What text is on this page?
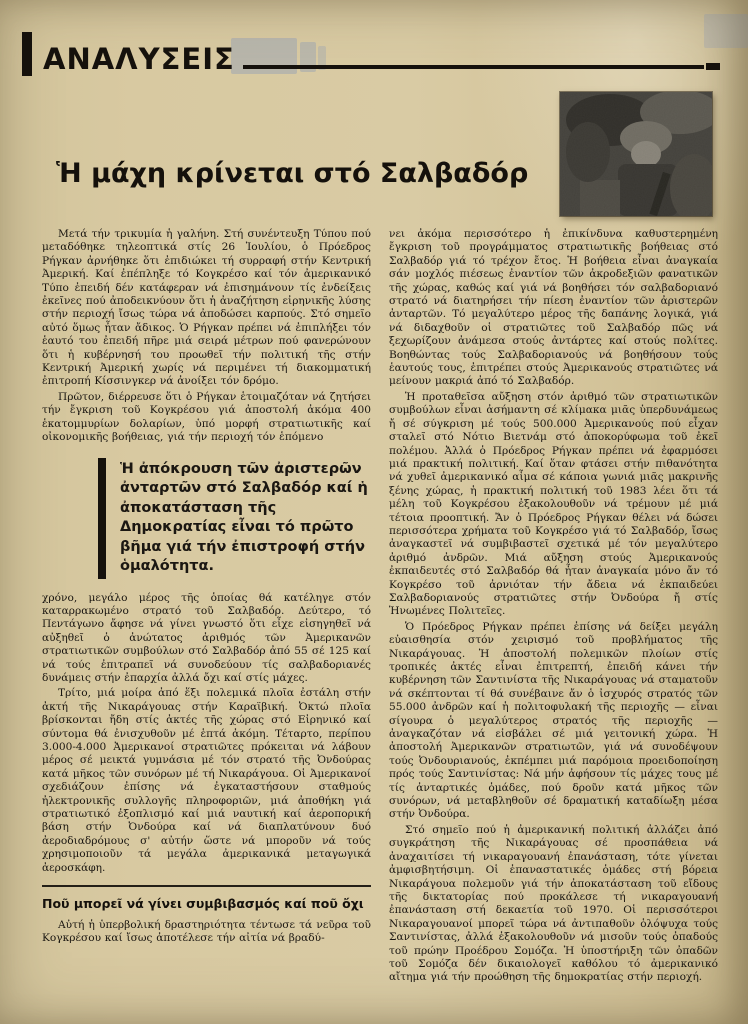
ΑΝΑΛΥΣΕΙΣ
Ἡ μάχη κρίνεται στό Σαλβαδόρ

Μετά τήν τρικυμία ἡ γαλήνη. Στή συνέντευξη Τύπου πού μεταδόθηκε τηλεοπτικά στίς 26 Ἰουλίου, ὁ Πρόεδρος Ρήγκαν ἀρνήθηκε ὅτι ἐπιδιώκει τή συρραφή στήν Κεντρική Ἀμερική. Καί ἐπέπληξε τό Κογκρέσο καί τόν ἀμερικανικό Τύπο ἐπειδή δέν κατάφεραν νά ἐπισημάνουν τίς ἐνδείξεις ἐκεῖνες πού ἀποδεικνύουν ὅτι ἡ ἀναζήτηση εἰρηνικῆς λύσης στήν περιοχή ἴσως τώρα νά ἀποδώσει καρπούς. Στό σημεῖο αὐτό ὅμως ἦταν ἄδικος. Ὁ Ρήγκαν πρέπει νά ἐπιπλήξει τόν ἑαυτό του ἐπειδή πῆρε μιά σειρά μέτρων πού φανερώνουν ὅτι ἡ κυβέρνησή του προωθεῖ τήν πολιτική τῆς στήν Κεντρική Ἀμερική χωρίς νά περιμένει τή διακομματική ἐπιτροπή Κίσσινγκερ νά ἀνοίξει τόν δρόμο.

Πρῶτον, διέρρευσε ὅτι ὁ Ρήγκαν ἑτοιμαζόταν νά ζητήσει τήν ἔγκριση τοῦ Κογκρέσου γιά ἀποστολή ἀκόμα 400 ἑκατομμυρίων δολαρίων, ὑπό μορφή στρατιωτικῆς καί οἰκονομικῆς βοήθειας, γιά τήν περιοχή τόν ἑπόμενο

Ἡ ἀπόκρουση τῶν ἀριστερῶν ἀνταρτῶν στό Σαλβαδόρ καί ἡ ἀποκατάσταση τῆς Δημοκρατίας εἶναι τό πρῶτο βῆμα γιά τήν ἐπιστροφή στήν ὁμαλότητα.

χρόνο, μεγάλο μέρος τῆς ὁποίας θά κατέληγε στόν καταρρακωμένο στρατό τοῦ Σαλβαδόρ. Δεύτερο, τό Πεντάγωνο ἄφησε νά γίνει γνωστό ὅτι εἶχε εἰσηγηθεῖ νά αὐξηθεῖ ὁ ἀνώτατος ἀριθμός τῶν Ἀμερικανῶν στρατιωτικῶν συμβούλων στό Σαλβαδόρ ἀπό 55 σέ 125 καί νά τούς ἐπιτραπεῖ νά συνοδεύουν τίς σαλβαδοριανές δυνάμεις στήν ἐπαρχία ἀλλά ὄχι καί στίς μάχες.

Τρίτο, μιά μοίρα ἀπό ἕξι πολεμικά πλοῖα ἐστάλη στήν ἀκτή τῆς Νικαράγουας στήν Καραϊβική. Ὀκτώ πλοῖα βρίσκονται ἤδη στίς ἀκτές τῆς χώρας στό Εἰρηνικό καί σύντομα θά ἐνισχυθοῦν μέ ἑπτά ἀκόμη. Τέταρτο, περίπου 3.000-4.000 Ἀμερικανοί στρατιῶτες πρόκειται νά λάβουν μέρος σέ μεικτά γυμνάσια μέ τόν στρατό τῆς Ὀνδούρας κατά μῆκος τῶν συνόρων μέ τή Νικαράγουα. Οἱ Ἀμερικανοί σχεδιάζουν ἐπίσης νά ἐγκαταστήσουν σταθμούς ἠλεκτρονικῆς συλλογῆς πληροφοριῶν, μιά ἀποθήκη γιά στρατιωτικό ἐξοπλισμό καί μιά ναυτική καί ἀεροπορική βάση στήν Ὀνδούρα καί νά διαπλατύνουν δυό ἀεροδιαδρόμους σ' αὐτήν ὥστε νά μποροῦν νά τούς χρησιμοποιοῦν τά μεγάλα ἀμερικανικά μεταγωγικά ἀεροσκάφη.

Ποῦ μπορεῖ νά γίνει συμβιβασμός καί ποῦ ὄχι

Αὐτή ἡ ὑπερβολική δραστηριότητα τέντωσε τά νεῦρα τοῦ Κογκρέσου καί ἴσως ἀποτέλεσε τήν αἰτία νά βραδύ-

νει ἀκόμα περισσότερο ἡ ἐπικίνδυνα καθυστερημένη ἔγκριση τοῦ προγράμματος στρατιωτικῆς βοήθειας στό Σαλβαδόρ γιά τό τρέχον ἔτος. Ἡ βοήθεια εἶναι ἀναγκαία σάν μοχλός πιέσεως ἐναντίον τῶν ἀκροδεξιῶν φανατικῶν τῆς χώρας, καθώς καί γιά νά βοηθήσει τόν σαλβαδοριανό στρατό νά διατηρήσει τήν πίεση ἐναντίον τῶν ἀριστερῶν ἀνταρτῶν. Τό μεγαλύτερο μέρος τῆς δαπάνης λογικά, γιά νά διδαχθοῦν οἱ στρατιῶτες τοῦ Σαλβαδόρ πῶς νά ξεχωρίζουν ἀνάμεσα στούς ἀντάρτες καί στούς πολίτες. Βοηθώντας τούς Σαλβαδοριανούς νά βοηθήσουν τούς ἑαυτούς τους, ἐπιτρέπει στούς Ἀμερικανούς στρατιῶτες νά μείνουν μακριά ἀπό τό Σαλβαδόρ.

Ἡ προταθεῖσα αὔξηση στόν ἀριθμό τῶν στρατιωτικῶν συμβούλων εἶναι ἀσήμαντη σέ κλίμακα μιᾶς ὑπερδυνάμεως ἤ σέ σύγκριση μέ τούς 500.000 Ἀμερικανούς πού εἶχαν σταλεῖ στό Νότιο Βιετνάμ στό ἀποκορύφωμα τοῦ ἐκεῖ πολέμου. Ἀλλά ὁ Πρόεδρος Ρήγκαν πρέπει νά ἐφαρμόσει μιά πρακτική πολιτική. Καί ὅταν φτάσει στήν πιθανότητα νά χυθεῖ ἀμερικανικό αἷμα σέ κάποια γωνιά μιᾶς μακρινῆς ξένης χώρας, ἡ πρακτική πολιτική τοῦ 1983 λέει ὅτι τά μέλη τοῦ Κογκρέσου ἐξακολουθοῦν νά τρέμουν μέ μιά τέτοια προοπτική. Ἄν ὁ Πρόεδρος Ρήγκαν θέλει νά δώσει περισσότερα χρήματα τοῦ Κογκρέσο γιά τό Σαλβαδόρ, ἴσως ἀναγκαστεῖ νά συμβιβαστεῖ σχετικά μέ τόν μεγαλύτερο ἀριθμό ἀνδρῶν. Μιά αὔξηση στούς Ἀμερικανούς ἐκπαιδευτές στό Σαλβαδόρ θά ἦταν ἀναγκαία μόνο ἄν τό Κογκρέσο τοῦ ἀρνιόταν τήν ἄδεια νά ἐκπαιδεύει Σαλβαδοριανούς στρατιῶτες στήν Ὀνδούρα ἤ στίς Ἡνωμένες Πολιτεῖες.

Ὁ Πρόεδρος Ρήγκαν πρέπει ἐπίσης νά δείξει μεγάλη εὐαισθησία στόν χειρισμό τοῦ προβλήματος τῆς Νικαράγουας. Ἡ ἀποστολή πολεμικῶν πλοίων στίς τροπικές ἀκτές εἶναι ἐπιτρεπτή, ἐπειδή κάνει τήν κυβέρνηση τῶν Σαντινίστα τῆς Νικαράγουας νά σταματοῦν νά σκέπτονται τί θά συνέβαινε ἄν ὁ ἰσχυρός στρατός τῶν 55.000 ἀνδρῶν καί ἡ πολιτοφυλακή τῆς περιοχῆς — εἶναι σίγουρα ὁ μεγαλύτερος στρατός τῆς περιοχῆς — ἀναγκαζόταν νά εἰσβάλει σέ μιά γειτονική χώρα. Ἡ ἀποστολή Ἀμερικανῶν στρατιωτῶν, γιά νά συνοδέψουν τούς Ὀνδουριανούς, ἐκπέμπει μιά παρόμοια προειδοποίηση πρός τούς Σαντινίστας: Νά μήν ἀφήσουν τίς μάχες τους μέ τίς ἀνταρτικές ὁμάδες, πού δροῦν κατά μῆκος τῶν συνόρων, νά μεταβληθοῦν σέ δραματική καταδίωξη μέσα στήν Ὀνδούρα.

Στό σημεῖο πού ἡ ἀμερικανική πολιτική ἀλλάζει ἀπό συγκράτηση τῆς Νικαράγουας σέ προσπάθεια νά ἀναχαιτίσει τή νικαραγουανή ἐπανάσταση, τότε γίνεται ἀμφισβητήσιμη. Οἱ ἐπαναστατικές ὁμάδες στή βόρεια Νικαράγουα πολεμοῦν γιά τήν ἀποκατάσταση τοῦ εἴδους τῆς δικτατορίας πού προκάλεσε τή νικαραγουανή ἐπανάσταση στή δεκαετία τοῦ 1970. Οἱ περισσότεροι Νικαραγουανοί μπορεῖ τώρα νά ἀντιπαθοῦν ὁλόψυχα τούς Σαντινίστας, ἀλλά ἐξακολουθοῦν νά μισοῦν τούς ὀπαδούς τοῦ πρώην Προέδρου Σομόζα. Ἡ ὑποστήριξη τῶν ὀπαδῶν τοῦ Σομόζα δέν δικαιολογεῖ καθόλου τό ἀμερικανικό αἴτημα γιά τήν προώθηση τῆς δημοκρατίας στήν περιοχή.
